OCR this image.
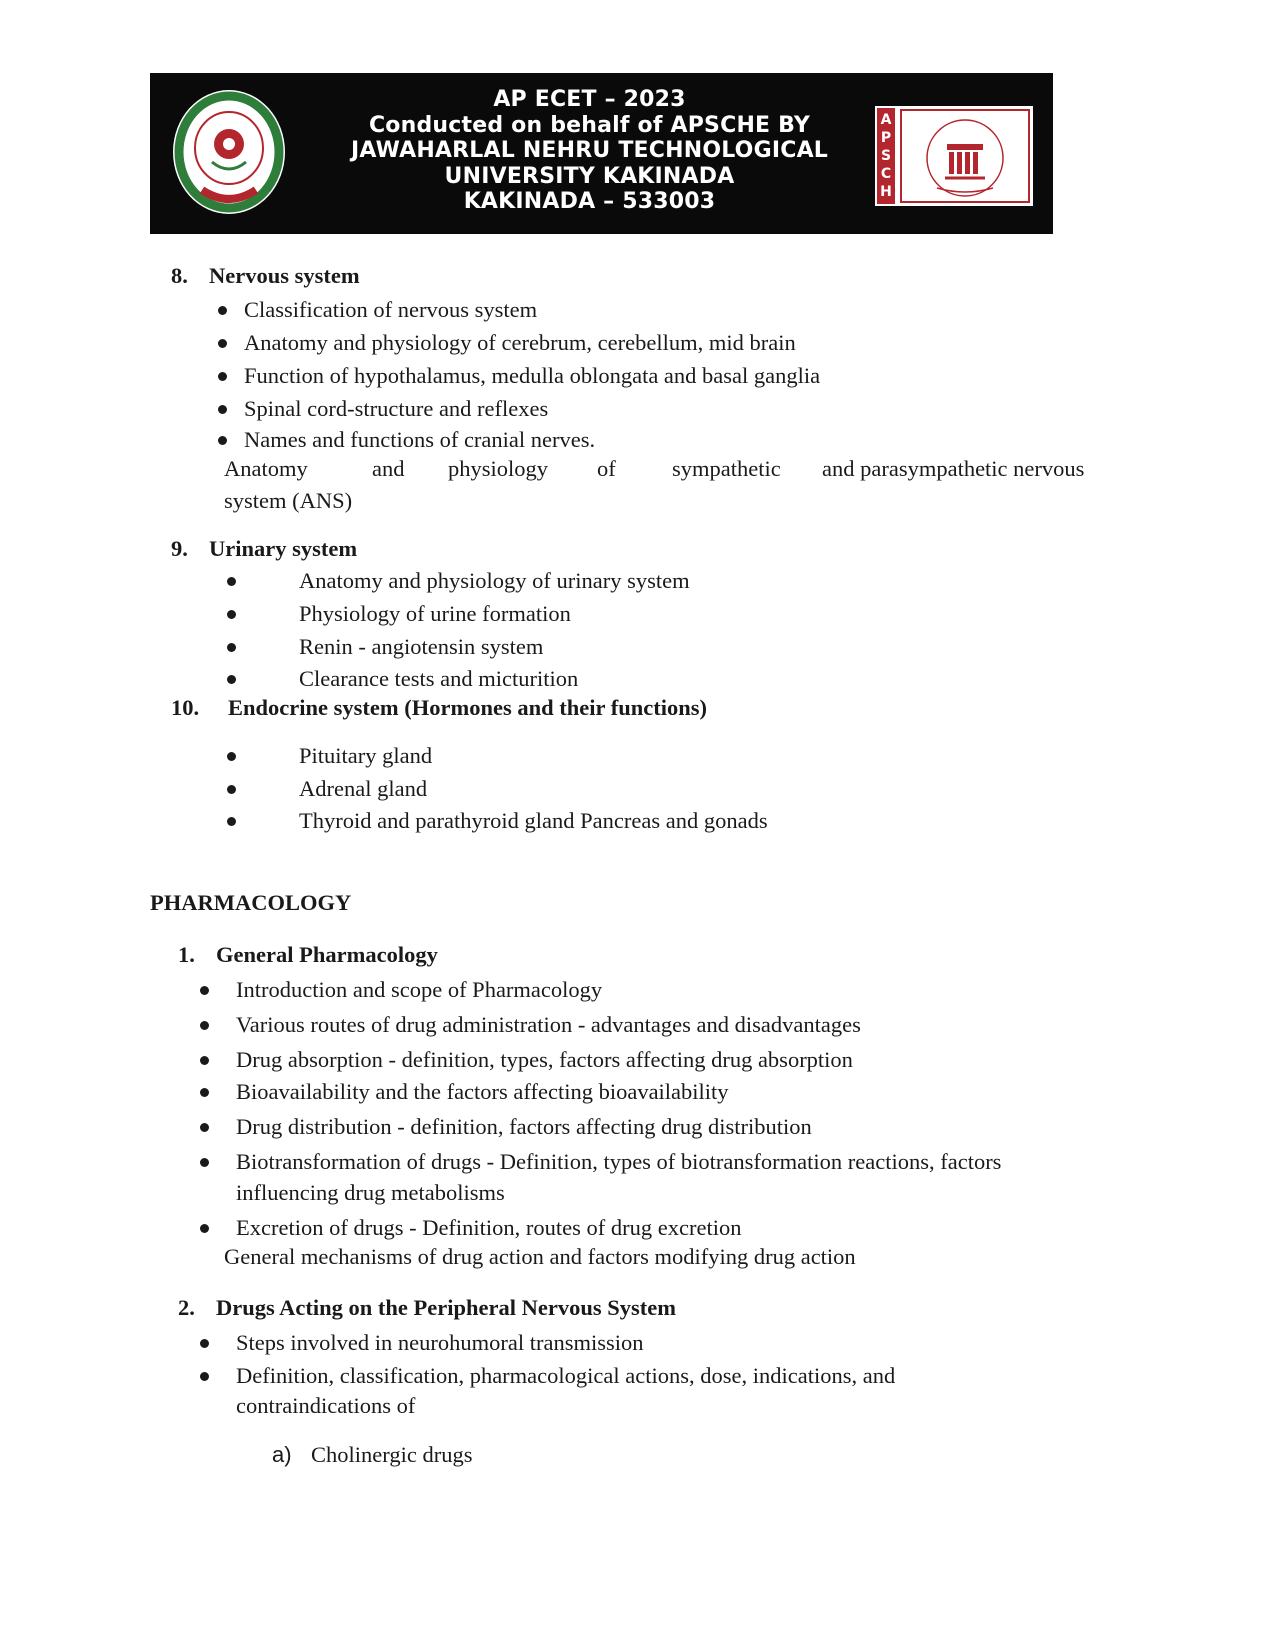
AP ECET – 2023
Conducted on behalf of APSCHE BY
JAWAHARLAL NEHRU TECHNOLOGICAL
UNIVERSITY KAKINADA
KAKINADA – 533003
A
P
S
C
H
8. Nervous system
Classification of nervous system
Anatomy and physiology of cerebrum, cerebellum, mid brain
Function of hypothalamus, medulla oblongata and basal ganglia
Spinal cord-structure and reflexes
Names and functions of cranial nerves.
Anatomy	and physiology of	sympathetic and parasympathetic nervous
system (ANS)
9. Urinary system
Anatomy and physiology of urinary system
Physiology of urine formation
Renin - angiotensin system
Clearance tests and micturition
10. Endocrine system (Hormones and their functions)
Pituitary gland
Adrenal gland
Thyroid and parathyroid gland Pancreas and gonads
PHARMACOLOGY
1. General Pharmacology
Introduction and scope of Pharmacology
Various routes of drug administration - advantages and disadvantages
Drug absorption - definition, types, factors affecting drug absorption
Bioavailability and the factors affecting bioavailability
Drug distribution - definition, factors affecting drug distribution
Biotransformation of drugs - Definition, types of biotransformation reactions, factors
influencing drug metabolisms
Excretion of drugs - Definition, routes of drug excretion
General mechanisms of drug action and factors modifying drug action
2. Drugs Acting on the Peripheral Nervous System
Steps involved in neurohumoral transmission
Definition, classification, pharmacological actions, dose, indications, and
contraindications of
a) Cholinergic drugs
